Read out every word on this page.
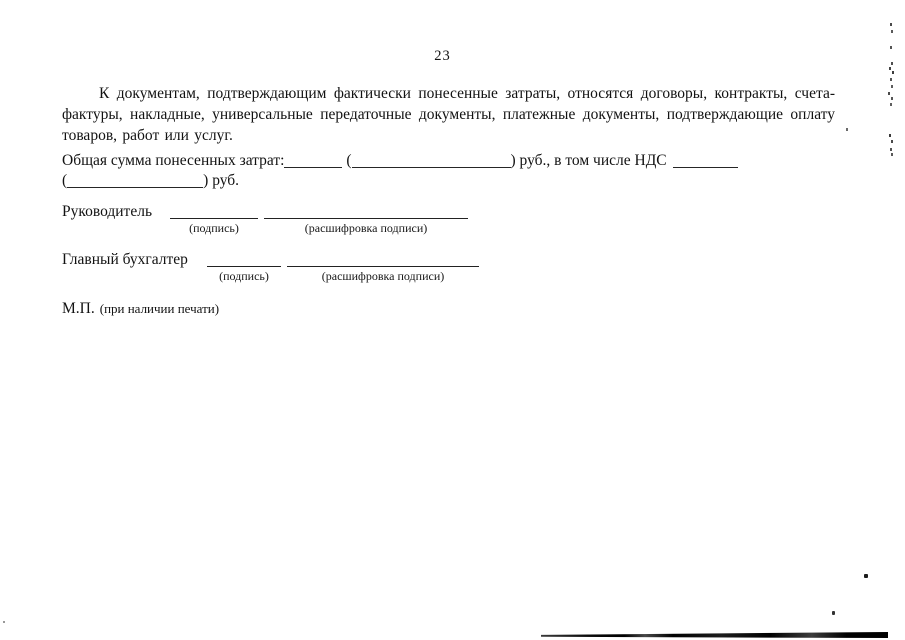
23

К документам, подтверждающим фактически понесенные затраты, относятся договоры, контракты, счета-фактуры, накладные, универсальные передаточные документы, платежные документы, подтверждающие оплату товаров, работ или услуг.

Общая сумма понесенных затрат:	(	) руб., в том числе НДС
(	) руб.
Руководитель
(подпись)	(расшифровка подписи)
Главный бухгалтер
(подпись)	(расшифровка подписи)
М.П. (при наличии печати)
